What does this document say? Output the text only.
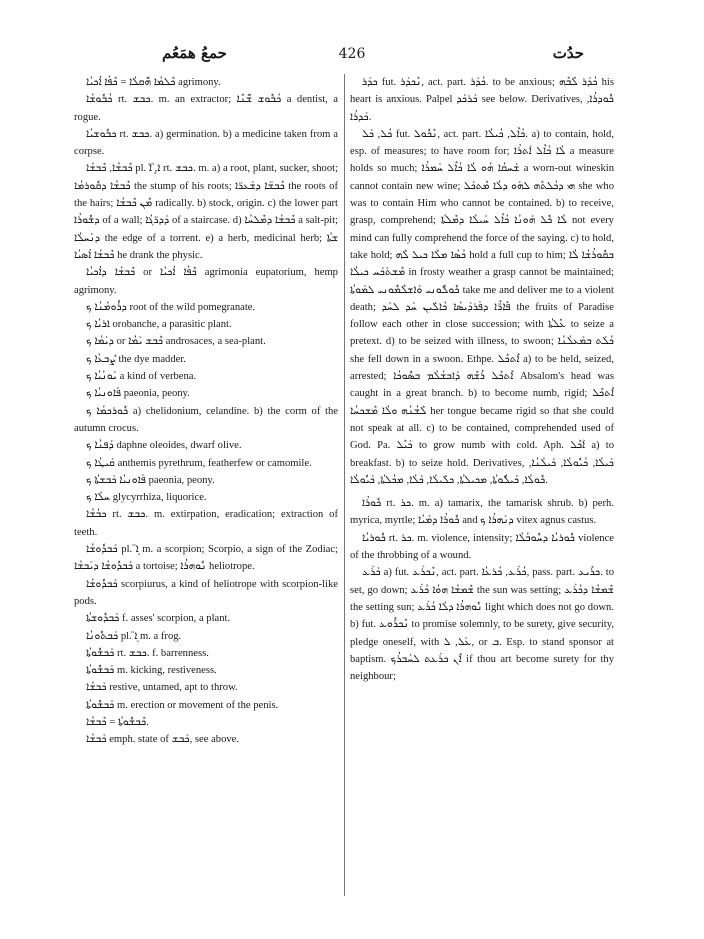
حمعُ همَعُم	426	حدُت

ܟܶܠܡܳܐ ܗܶ̈ܩܠܳܐ = ܟܶܦܳܐ ܐܳܟܝܳܐ agrimony.

ܟܳܒܽܘܫܳܐ rt. ܟܒܫ. m. an extractor; ܟܳܒܽܘܫ ܫܶ̈ܢܶܐ a dentist, a rogue.

ܟܒܽܘܫܝܳܐ rt. ܟܒܫ. a) germination. b) a medicine taken from a corpse.

ܟܶܒܫܳܐ, ܟܶܒܫܳܐ pl. ܵܐ, ܸ̈ܐ rt. ܟܒܫ. m. a) a root, plant, sucker, shoot; ܟܶܒܫܳܐ ܕܩܽܘܪܡܳܐ the stump of his roots; ܟܶܒܫ̈ܐ ܕܫܰܥܪ̈ܐ the roots of the hairs; ܡܶܢ ܟܶܒܫܳܐ radically. b) stock, origin. c) the lower part ܕܫܽܘܪܳܐ of a wall; ܕܰܕܪ̈ܓܳܐ of a staircase. d) ܟܶܒܫܳܐ ܕܡܶܠܚܳܐ a salt-pit; ܕܢܰܚܠܳܐ the edge of a torrent. e) a herb, medicinal herb; ܫܬܳܐ ܟܶܒܫܳܐ ܐܳܣܝܳܐ he drank the physic.

ܟܶܒܫܳܐ ܕܐܳܟܝܳܐ or ܟܶܦܳܐ ܐܳܟܝܳܐ agrimonia eupatorium, hemp agrimony.

ܕܪܽܘܡܳܢܳܐ ܟ root of the wild pomegranate.

ܐܪܝܳܐ ܟ orobanche, a parasitic plant.

ܕܝܰܡܳܐ ܟ or ܟܶܒܫ ܝܰܡܳܐ androsaces, a sea-plant.

ܨܶܒܥܳܐ ܟ the dye madder.

ܝܰܘܢܳܝܳܐ ܟ a kind of verbena.

ܦܰܐܘܢܝܳܐ ܟ paeonia, peony.

ܟܽܘܪܟܡܳܐ ܟ a) chelidonium, celandine. b) the corm of the autumn crocus.

ܕܰܦܢܳܐ ܟ daphne oleoides, dwarf olive.

ܩܰܝܛܳܐ ܟ anthemis pyrethrum, featherfew or camomile.

ܦܰܐܘܢܝܳܐ ܟܰܒܫܬܳܐ ܟ paeonia, peony.

ܚܠܳܐ ܟ glycyrrhiza, liquorice.

ܟܒܳܫܳܐ rt. ܟܒܫ. m. extirpation, eradication; extraction of teeth.

ܟܰܒܕܽܘܫܳܐ pl. ܸ̈ܐ m. a scorpion; Scorpio, a sign of the Zodiac; ܟܰܒܕܽܘܫܳܐ ܕܝܰܒܫܳܐ a tortoise; ܢܽܘܗܪܳܐ heliotrope.

ܟܰܒܕܽܘܫܳܐ scorpiurus, a kind of heliotrope with scorpion-like pods.

ܟܰܒܕܽܘܫܬܳܐ f. asses' scorpion, a plant.

ܟܰܒܬܽܘܢܳܐ pl. ܸ̈ܐ m. a frog.

ܟܰܒܫܽܘܬܳܐ rt. ܟܒܫ. f. barrenness.

ܟܰܒܫܽܘܬܳܐ m. kicking, restiveness.

ܟܰܒܫܳܐ restive, untamed, apt to throw.

ܟܰܒܫܽܘܬܳܐ m. erection or movement of the penis.

ܟܶܒܫܽܘܬܳܐ = ܟܶܒܫܳܐ.

ܟܰܒܫܳܐ emph. state of ܟܰܒܫ, see above.

ܟܕܰܪ fut. ܢܶܟܕܰܪ, act. part. ܟܳܕܰܪ. to be anxious; ܟܳܕܰܪ ܠܶܒܶܗ his heart is anxious. Palpel ܟܰܪܟܰܕ see below. Derivatives, ܟܽܘܕܪܳܐ, ܟܰܕܪܳܐ.

ܟܳܠ, ܟܰܠ fut. ܢܶܟܽܘܠ, act. part. ܟܳܐܶܠ, ܟܳܝܠܳܐ. a) to contain, hold, esp. of measures; to have room for; ܠܳܐ ܟܳܐܶܠ ܐܰܬܪܳܐ a measure holds so much; ܫܰܚܩܳܐ ܗܳܘ ܠܳܐ ܟܳܐܶܠ ܚܰܡܪܳܐ a worn-out wineskin cannot contain new wine; ܗܝ ܕܟܳܠܬܶܗ ܠܗܰܘ ܕܠܳܐ ܡܶܬܟܰܠ she who was to contain Him who cannot be contained. b) to receive, grasp, comprehend; ܠܳܐ ܟܽܠ ܗܰܘܢܳܐ ܟܳܐܶܠ ܚܰܝܠܳܐ ܕܡܶܠܬܳܐ not every mind can fully comprehend the force of the saying. c) to hold, take hold; ܟܳܣܳܐ ܡܠܶܐ ܟܝܠ ܠܶܗ hold a full cup to him; ܒܩܽܘܪܳܫܳܐ ܠܳܐ ܡܶܫܬܰܟܰܚ ܟܝܠܳܐ in frosty weather a grasp cannot be maintained; ܟܽܘܠܽܘܢܝ ܘܰܐܫܠܶܡܽܘܢܝ ܠܡܰܘܬܳܐ take me and deliver me to a violent death; ܦܺܐܪ̈ܶܐ ܕܦܰܪܕܰܝܣܳܐ ܟܳܐܠܺܝܢ ܚܰܕ ܠܚܰܕ the fruits of Paradise follow each other in close succession; with ܥܶܠܬܳܐ to seize a pretext. d) to be seized with illness, to swoon; ܟܳܠܰܬ ܒܡܰܥܠܳܢܳܐ she fell down in a swoon. Ethpe. ܐܶܬܟܶܠ a) to be held, seized, arrested; ܐܶܬܟܶܠ ܪܺܫܶܗ ܕܰܐܒܫܳܠܳܡ ܒܣܽܘܟܳܐ Absalom's head was caught in a great branch. b) to become numb, rigid; ܐܶܬܟܶܠ ܠܶܫܳܢܳܗ ܘܠܳܐ ܡܶܫܟܚܳܐ her tongue became rigid so that she could not speak at all. c) to be contained, comprehended used of God. Pa. ܟܰܝܶܠ to grow numb with cold. Aph. ܐܰܟܶܠ a) to breakfast. b) to seize hold. Derivatives, ܟܰܝܠܳܐ, ܟܳܝܽܘܠܳܐ, ܟܰܝܠܳܢܳܐ, ܟܽܘܠܳܐ, ܟܰܝܠܽܘܬܳܐ, ܡܟܝܠܬܳܐ, ܟܠܺܝܠܳܐ, ܟܰܠܳܐ, ܡܟܳܠܬܳܐ, ܟܰܝܽܘܠܳܐ.

ܟܽܘܪܳܐ rt. ܟܪ. m. a) tamarix, the tamarisk shrub. b) perh. myrica, myrtle; ܟܽܘܪܳܐ ܕܡܰܝܳܐ and ܕܢܰܗܪܳܐ ܟ vitex agnus castus.

ܟܽܘܪܝܳܐ rt. ܟܪ. m. violence, intensity; ܟܽܘܪܝܳܐ ܕܚܽܘܒܳܠܳܐ violence of the throbbing of a wound.

ܟܰܪܰܥ a) fut. ܢܶܟܪܰܥ, act. part. ܟܳܪܰܥ, ܟܳܪܥܳܐ, pass. part. ܟܪܺܝܥ. to set, go down; ܫܶܡܫܳܐ ܗܘܳܐ ܟܳܪܰܥ the sun was setting; ܫܶܡܫܳܐ ܕܟܳܪܰܥ the setting sun; ܢܽܘܗܪܳܐ ܕܠܳܐ ܟܳܪܰܥ light which does not go down. b) fut. ܢܶܟܪܽܘܥ to promise solemnly, to be surety, give security, pledge oneself, with ܥܰܠ, ܠ, or ܒ. Esp. to stand sponsor at baptism. ܐܶܢ ܟܪܰܥܬ ܠܚܰܒܪܳܟ if thou art become surety for thy neighbour;
